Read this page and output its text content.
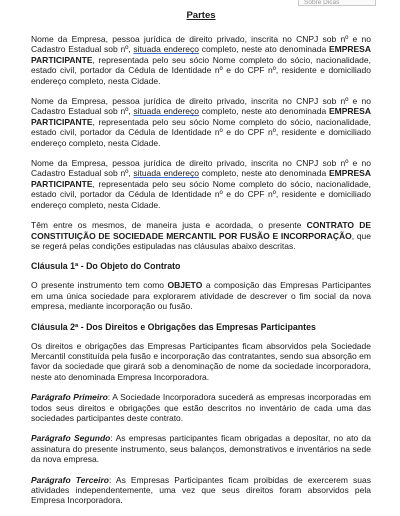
Sobre Dicas
Partes

Nome da Empresa, pessoa jurídica de direito privado, inscrita no CNPJ sob nº e no Cadastro Estadual sob nº, situada endereço completo, neste ato denominada EMPRESA PARTICIPANTE, representada pelo seu sócio Nome completo do sócio, nacionalidade, estado civil, portador da Cédula de Identidade nº e do CPF nº, residente e domiciliado endereço completo, nesta Cidade.

Nome da Empresa, pessoa jurídica de direito privado, inscrita no CNPJ sob nº e no Cadastro Estadual sob nº, situada endereço completo, neste ato denominada EMPRESA PARTICIPANTE, representada pelo seu sócio Nome completo do sócio, nacionalidade, estado civil, portador da Cédula de Identidade nº e do CPF nº, residente e domiciliado endereço completo, nesta Cidade.

Nome da Empresa, pessoa jurídica de direito privado, inscrita no CNPJ sob nº e no Cadastro Estadual sob nº, situada endereço completo, neste ato denominada EMPRESA PARTICIPANTE, representada pelo seu sócio Nome completo do sócio, nacionalidade, estado civil, portador da Cédula de Identidade nº e do CPF nº, residente e domiciliado endereço completo, nesta Cidade.

Têm entre os mesmos, de maneira justa e acordada, o presente CONTRATO DE CONSTITUIÇÃO DE SOCIEDADE MERCANTIL POR FUSÃO E INCORPORAÇÃO, que se regerá pelas condições estipuladas nas cláusulas abaixo descritas.

Cláusula 1ª - Do Objeto do Contrato

O presente instrumento tem como OBJETO a composição das Empresas Participantes em uma única sociedade para explorarem atividade de descrever o fim social da nova empresa, mediante incorporação ou fusão.

Cláusula 2ª - Dos Direitos e Obrigações das Empresas Participantes

Os direitos e obrigações das Empresas Participantes ficam absorvidos pela Sociedade Mercantil constituída pela fusão e incorporação das contratantes, sendo sua absorção em favor da sociedade que girará sob a denominação de nome da sociedade incorporadora, neste ato denominada Empresa Incorporadora.

Parágrafo Primeiro: A Sociedade Incorporadora sucederá as empresas incorporadas em todos seus direitos e obrigações que estão descritos no inventário de cada uma das sociedades participantes deste contrato.

Parágrafo Segundo: As empresas participantes ficam obrigadas a depositar, no ato da assinatura do presente instrumento, seus balanços, demonstrativos e inventários na sede da nova empresa.

Parágrafo Terceiro: As Empresas Participantes ficam proibidas de exercerem suas atividades independentemente, uma vez que seus direitos foram absorvidos pela Empresa Incorporadora.
